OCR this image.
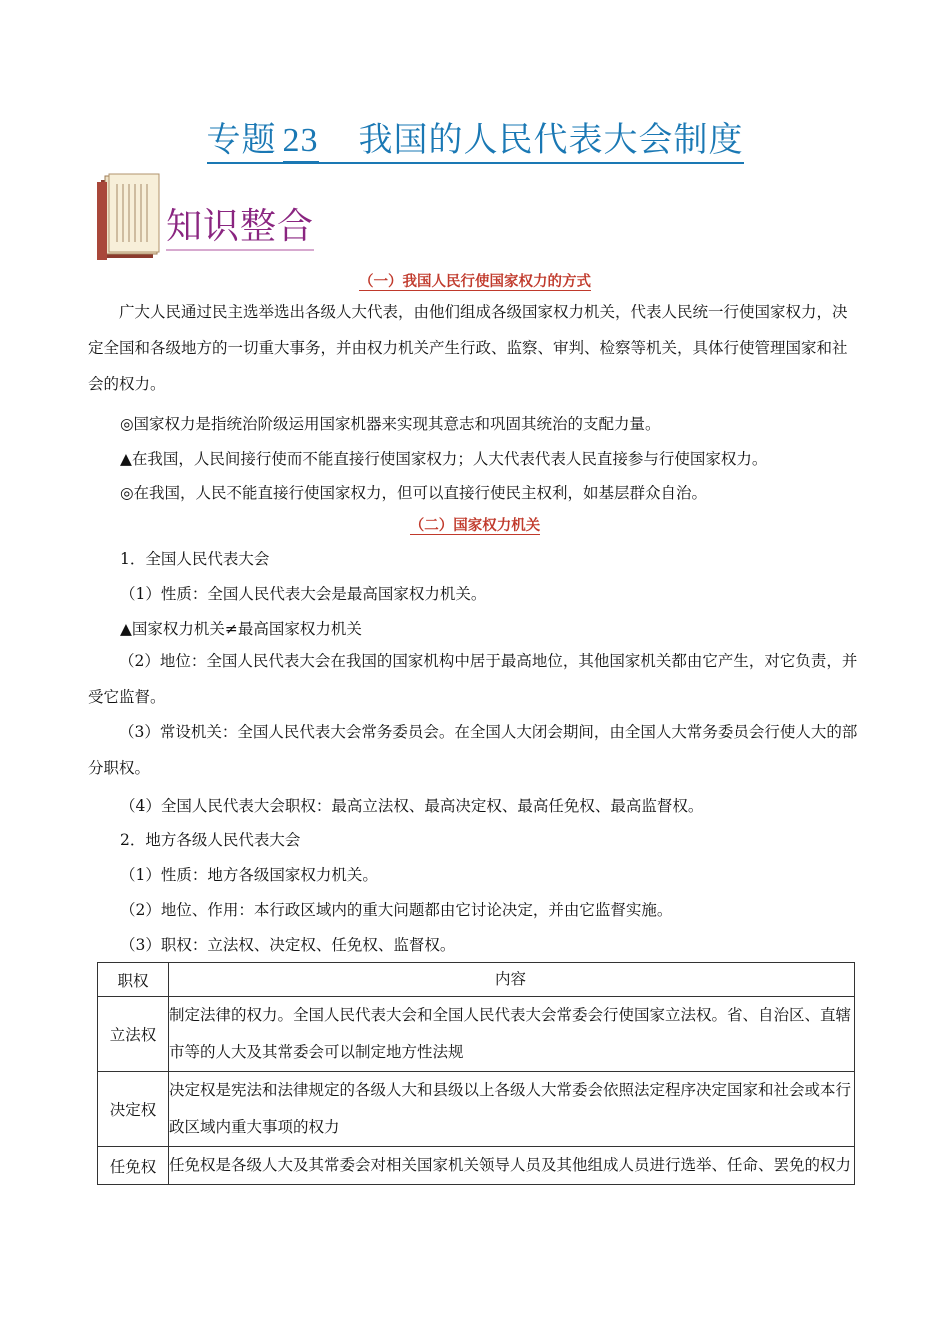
专题 23 我国的人民代表大会制度
知识整合
（一）我国人民行使国家权力的方式
广大人民通过民主选举选出各级人大代表，由他们组成各级国家权力机关，代表人民统一行使国家权力，决定全国和各级地方的一切重大事务，并由权力机关产生行政、监察、审判、检察等机关，具体行使管理国家和社会的权力。
◎国家权力是指统治阶级运用国家机器来实现其意志和巩固其统治的支配力量。
▲在我国，人民间接行使而不能直接行使国家权力；人大代表代表人民直接参与行使国家权力。
◎在我国，人民不能直接行使国家权力，但可以直接行使民主权利，如基层群众自治。
（二）国家权力机关
1．全国人民代表大会
（1）性质：全国人民代表大会是最高国家权力机关。
▲国家权力机关≠最高国家权力机关
（2）地位：全国人民代表大会在我国的国家机构中居于最高地位，其他国家机关都由它产生，对它负责，并受它监督。
（3）常设机关：全国人民代表大会常务委员会。在全国人大闭会期间，由全国人大常务委员会行使人大的部分职权。
（4）全国人民代表大会职权：最高立法权、最高决定权、最高任免权、最高监督权。
2．地方各级人民代表大会
（1）性质：地方各级国家权力机关。
（2）地位、作用：本行政区域内的重大问题都由它讨论决定，并由它监督实施。
（3）职权：立法权、决定权、任免权、监督权。
职权	内容
立法权	制定法律的权力。全国人民代表大会和全国人民代表大会常委会行使国家立法权。省、自治区、直辖市等的人大及其常委会可以制定地方性法规
决定权	决定权是宪法和法律规定的各级人大和县级以上各级人大常委会依照法定程序决定国家和社会或本行政区域内重大事项的权力
任免权	任免权是各级人大及其常委会对相关国家机关领导人员及其他组成人员进行选举、任命、罢免的权力
